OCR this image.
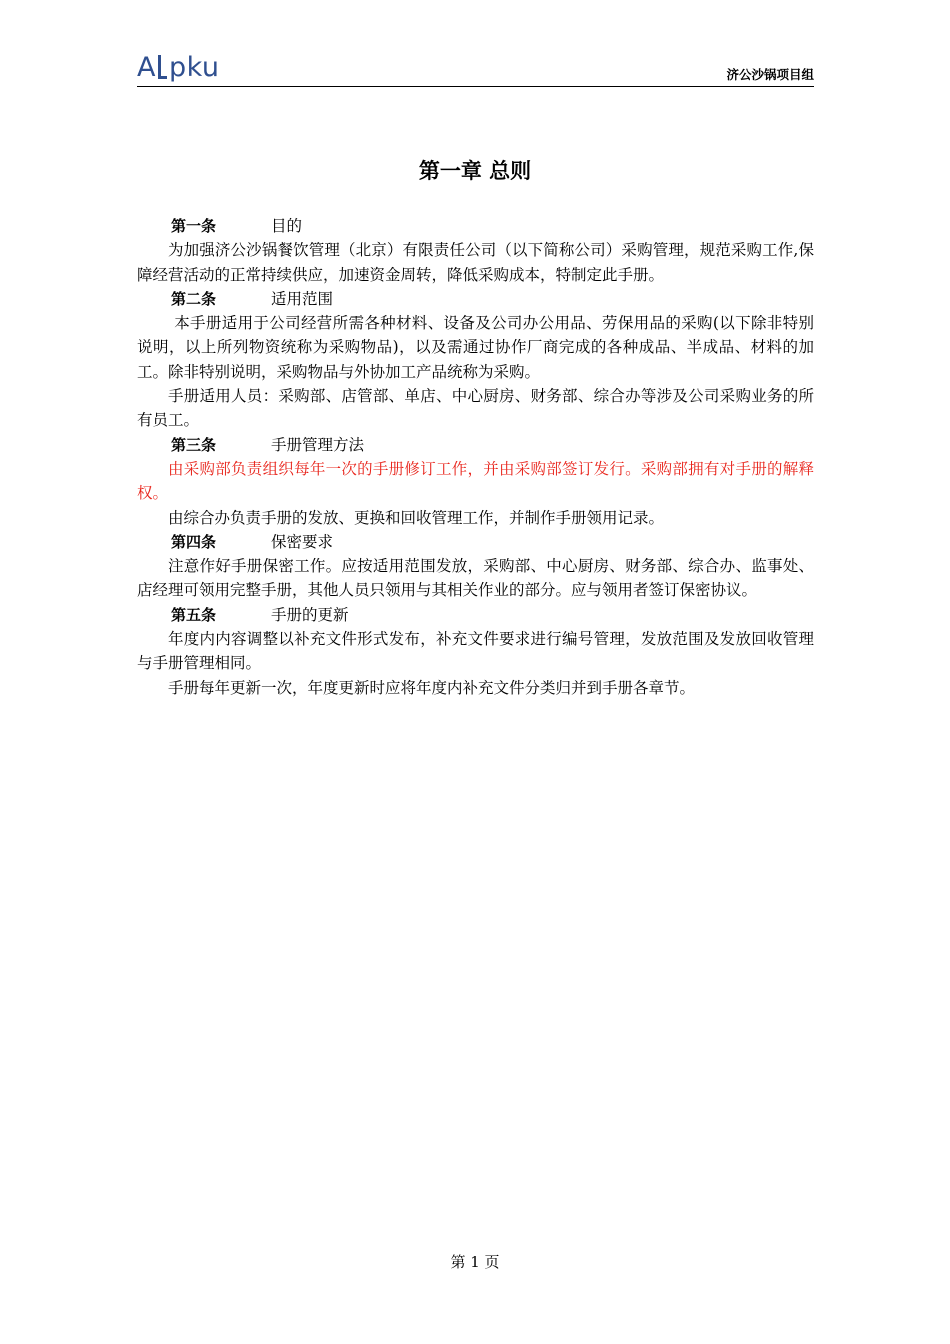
A pku	济公沙锅项目组
第一章 总则

第一条	目的

为加强济公沙锅餐饮管理（北京）有限责任公司（以下简称公司）采购管理，规范采购工作,保障经营活动的正常持续供应，加速资金周转，降低采购成本，特制定此手册。

第二条	适用范围

本手册适用于公司经营所需各种材料、设备及公司办公用品、劳保用品的采购(以下除非特别说明，以上所列物资统称为采购物品)，以及需通过协作厂商完成的各种成品、半成品、材料的加工。除非特别说明，采购物品与外协加工产品统称为采购。

手册适用人员：采购部、店管部、单店、中心厨房、财务部、综合办等涉及公司采购业务的所有员工。

第三条	手册管理方法

由采购部负责组织每年一次的手册修订工作，并由采购部签订发行。采购部拥有对手册的解释权。

由综合办负责手册的发放、更换和回收管理工作，并制作手册领用记录。

第四条	保密要求

注意作好手册保密工作。应按适用范围发放，采购部、中心厨房、财务部、综合办、监事处、店经理可领用完整手册，其他人员只领用与其相关作业的部分。应与领用者签订保密协议。

第五条	手册的更新

年度内内容调整以补充文件形式发布，补充文件要求进行编号管理，发放范围及发放回收管理与手册管理相同。

手册每年更新一次，年度更新时应将年度内补充文件分类归并到手册各章节。

第 1 页
